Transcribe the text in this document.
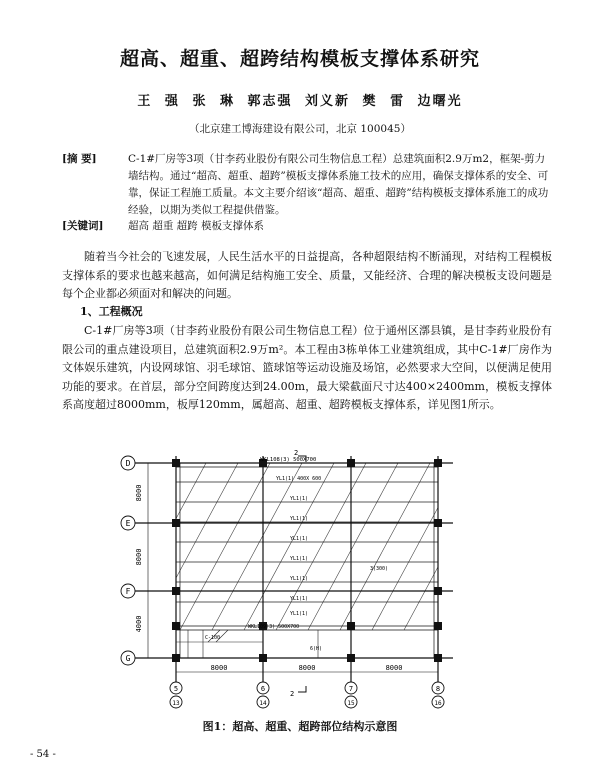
超高、超重、超跨结构模板支撑体系研究
王 强 张 琳 郭志强 刘义新 樊 雷 边曙光
（北京建工博海建设有限公司，北京 100045）
[摘 要]	C-1#厂房等3项（甘李药业股份有限公司生物信息工程）总建筑面积2.9万m2，框架-剪力墙结构。通过“超高、超重、超跨”模板支撑体系施工技术的应用，确保支撑体系的安全、可靠，保证工程施工质量。本文主要介绍该“超高、超重、超跨”结构模板支撑体系施工的成功经验，以期为类似工程提供借鉴。
[关键词] 超高 超重 超跨 模板支撑体系
随着当今社会的飞速发展，人民生活水平的日益提高，各种超限结构不断涌现，对结构工程模板支撑体系的要求也越来越高，如何满足结构施工安全、质量，又能经济、合理的解决模板支设问题是每个企业都必须面对和解决的问题。
1、工程概况
C-1#厂房等3项（甘李药业股份有限公司生物信息工程）位于通州区漷县镇，是甘李药业股份有限公司的重点建设项目，总建筑面积2.9万m²。本工程由3栋单体工业建筑组成，其中C-1#厂房作为文体娱乐建筑，内设网球馆、羽毛球馆、篮球馆等运动设施及场馆，必然要求大空间，以便满足使用功能的要求。在首层，部分空间跨度达到24.00m，最大梁截面尺寸达400×2400mm，模板支撑体系高度超过8000mm，板厚120mm，属超高、超重、超跨模板支撑体系，详见图1所示。
2
2
WKL108(3) 500X700
YL1(1) 400X 600
YL1(1)
YL1(1)
YL1(1)
YL1(1)
YL1(1)
YL1(1)
YL1(1)
3(300)
WKL109(3) 500X700
C-100
6(H)
D
E
F
G
8000
8000
4000
8000	8000	8000
5	6	7	8
13	14	15	16
图1：超高、超重、超跨部位结构示意图
- 54 -
